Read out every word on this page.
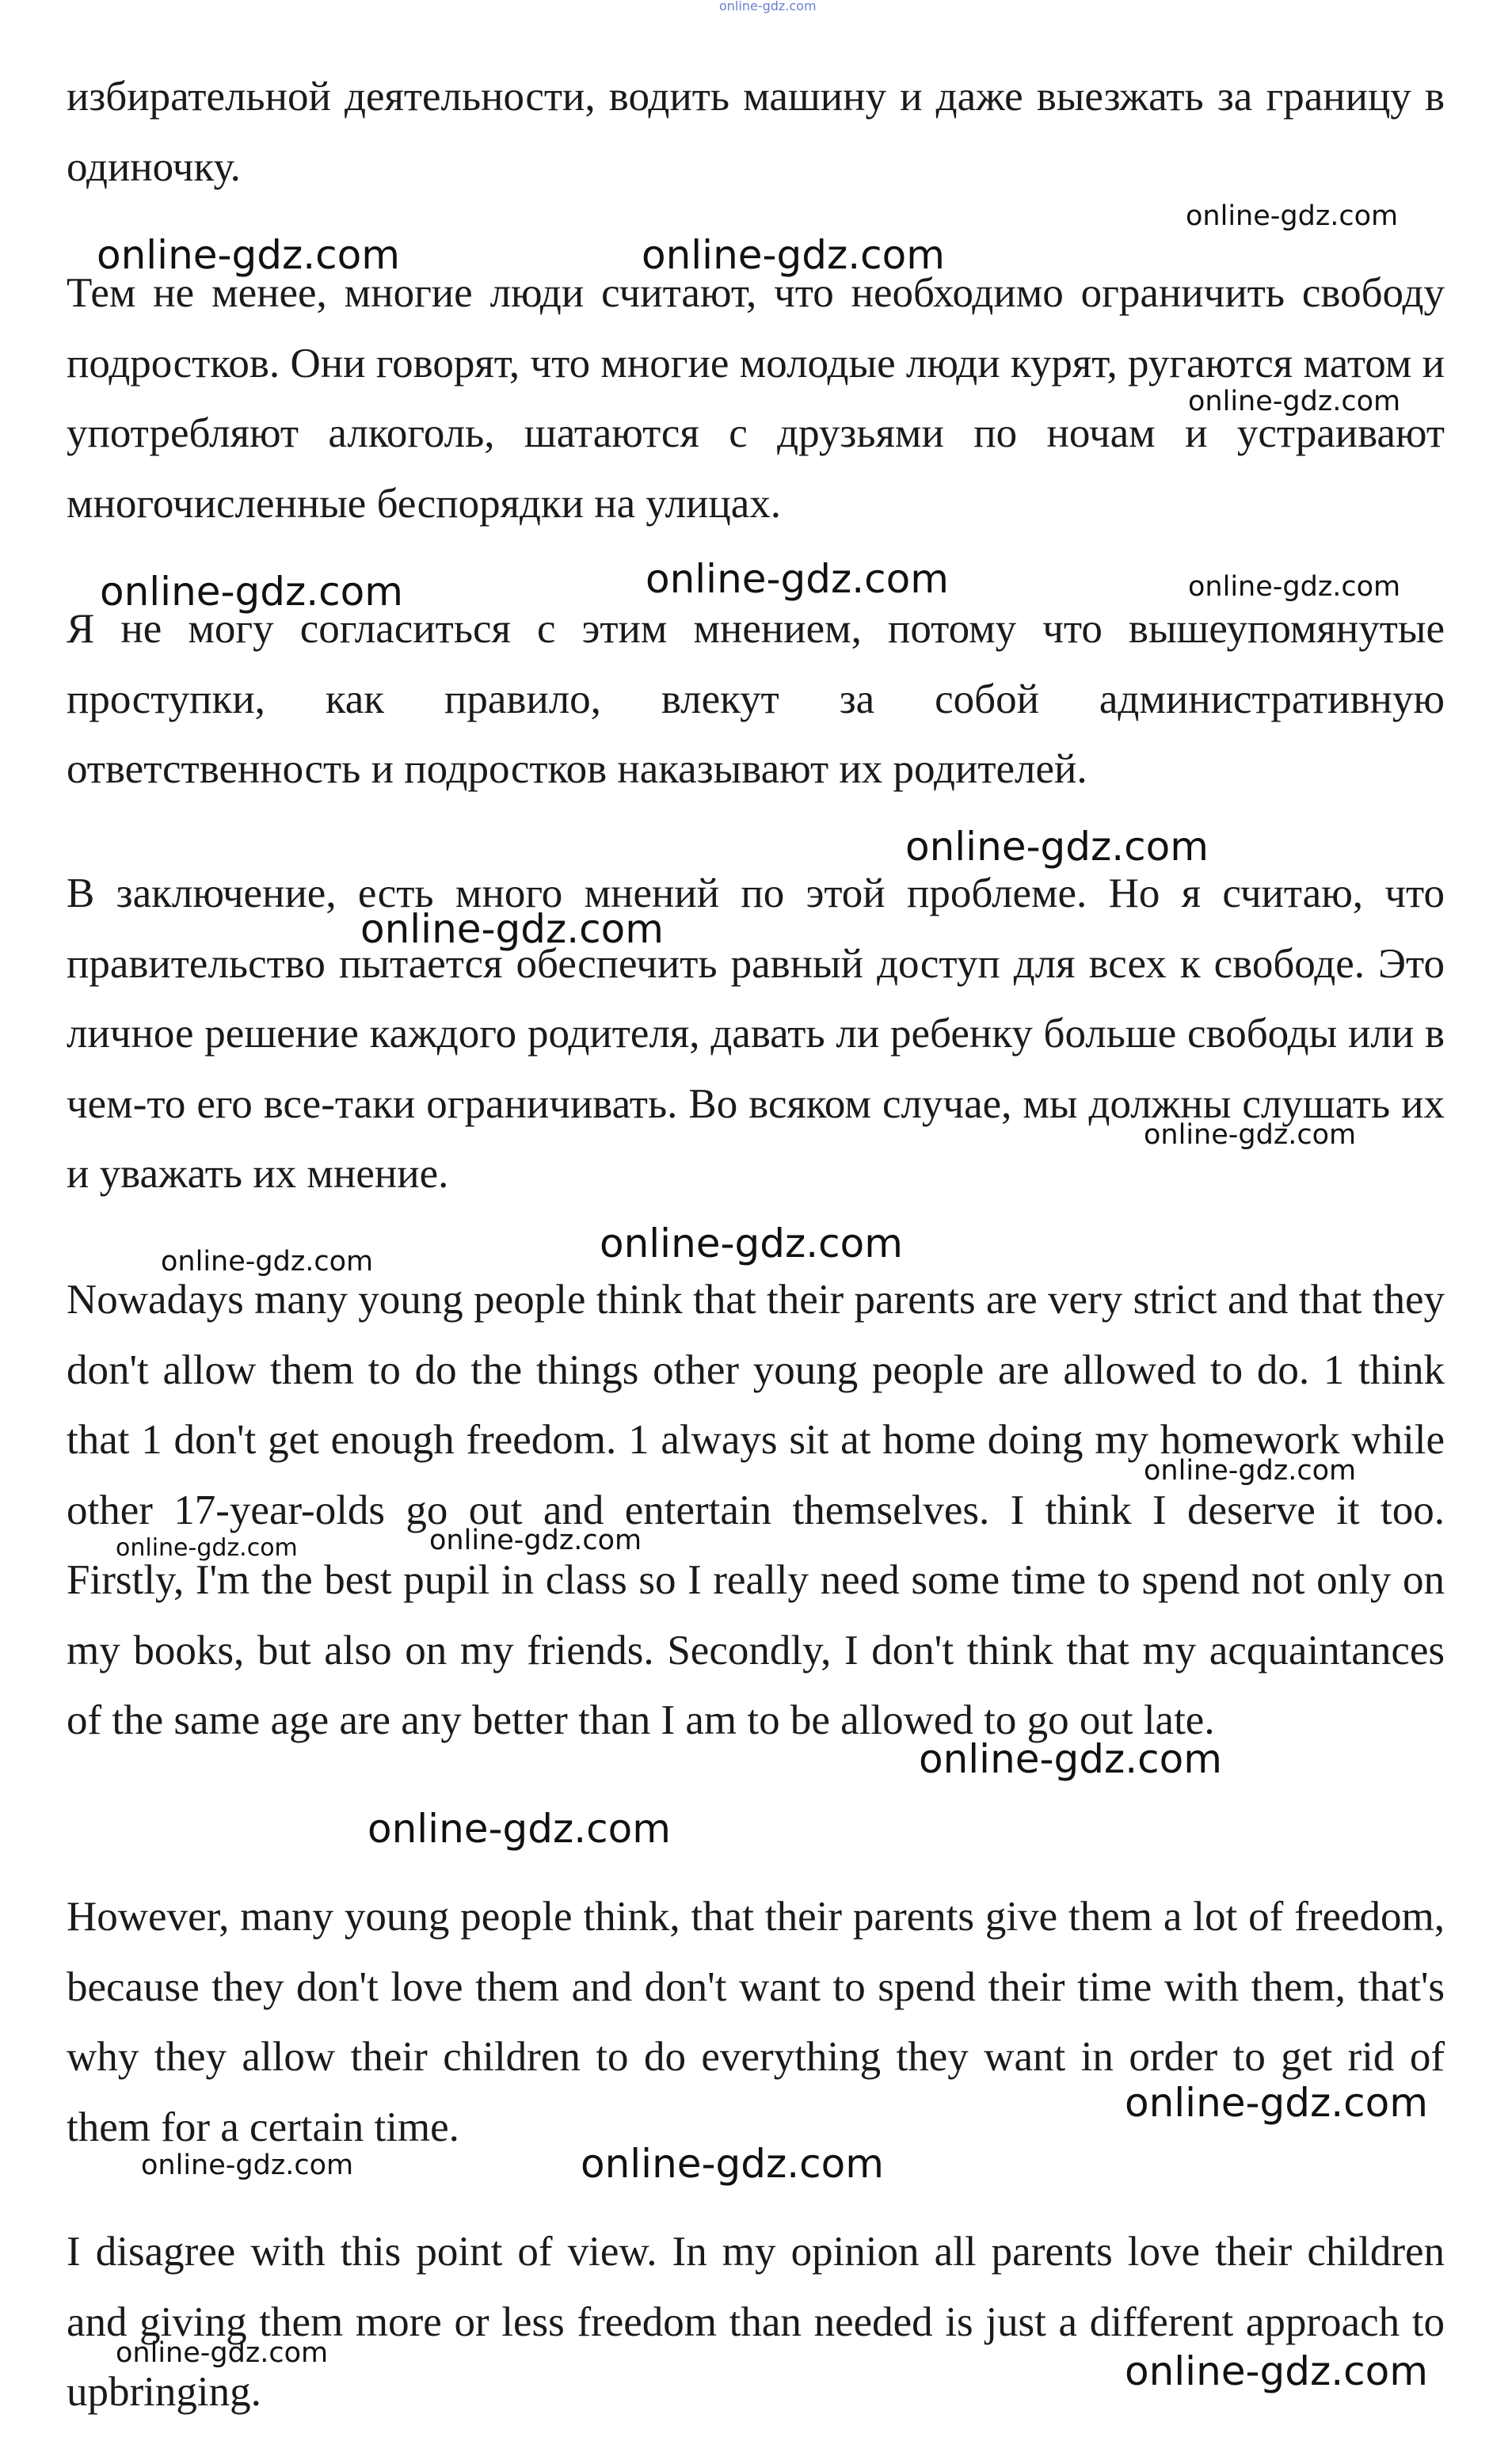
online-gdz.com

избирательной деятельности, водить машину и даже выезжать за границу в одиночку.

Тем не менее, многие люди считают, что необходимо ограничить свободу подростков. Они говорят, что многие молодые люди курят, ругаются матом и употребляют алкоголь, шатаются с друзьями по ночам и устраивают многочисленные беспорядки на улицах.

Я не могу согласиться с этим мнением, потому что вышеупомянутые проступки, как правило, влекут за собой административную ответственность и подростков наказывают их родителей.

В заключение, есть много мнений по этой проблеме. Но я считаю, что правительство пытается обеспечить равный доступ для всех к свободе. Это личное решение каждого родителя, давать ли ребенку больше свободы или в чем-то его все-таки ограничивать. Во всяком случае, мы должны слушать их и уважать их мнение.

Nowadays many young people think that their parents are very strict and that they don't allow them to do the things other young people are allowed to do. 1 think that 1 don't get enough freedom. 1 always sit at home doing my homework while other 17-year-olds go out and entertain themselves. I think I deserve it too. Firstly, I'm the best pupil in class so I really need some time to spend not only on my books, but also on my friends. Secondly, I don't think that my acquaintances of the same age are any better than I am to be allowed to go out late.

However, many young people think, that their parents give them a lot of freedom, because they don't love them and don't want to spend their time with them, that's why they allow their children to do everything they want in order to get rid of them for a certain time.

I disagree with this point of view. In my opinion all parents love their children and giving them more or less freedom than needed is just a different approach to upbringing.

online-gdz.com
online-gdz.com	online-gdz.com
online-gdz.com
online-gdz.com	online-gdz.com
online-gdz.com
online-gdz.com
online-gdz.com
online-gdz.com
online-gdz.com
online-gdz.com
online-gdz.com
online-gdz.com	online-gdz.com
online-gdz.com
online-gdz.com
online-gdz.com
online-gdz.com
online-gdz.com
online-gdz.com	online-gdz.com
